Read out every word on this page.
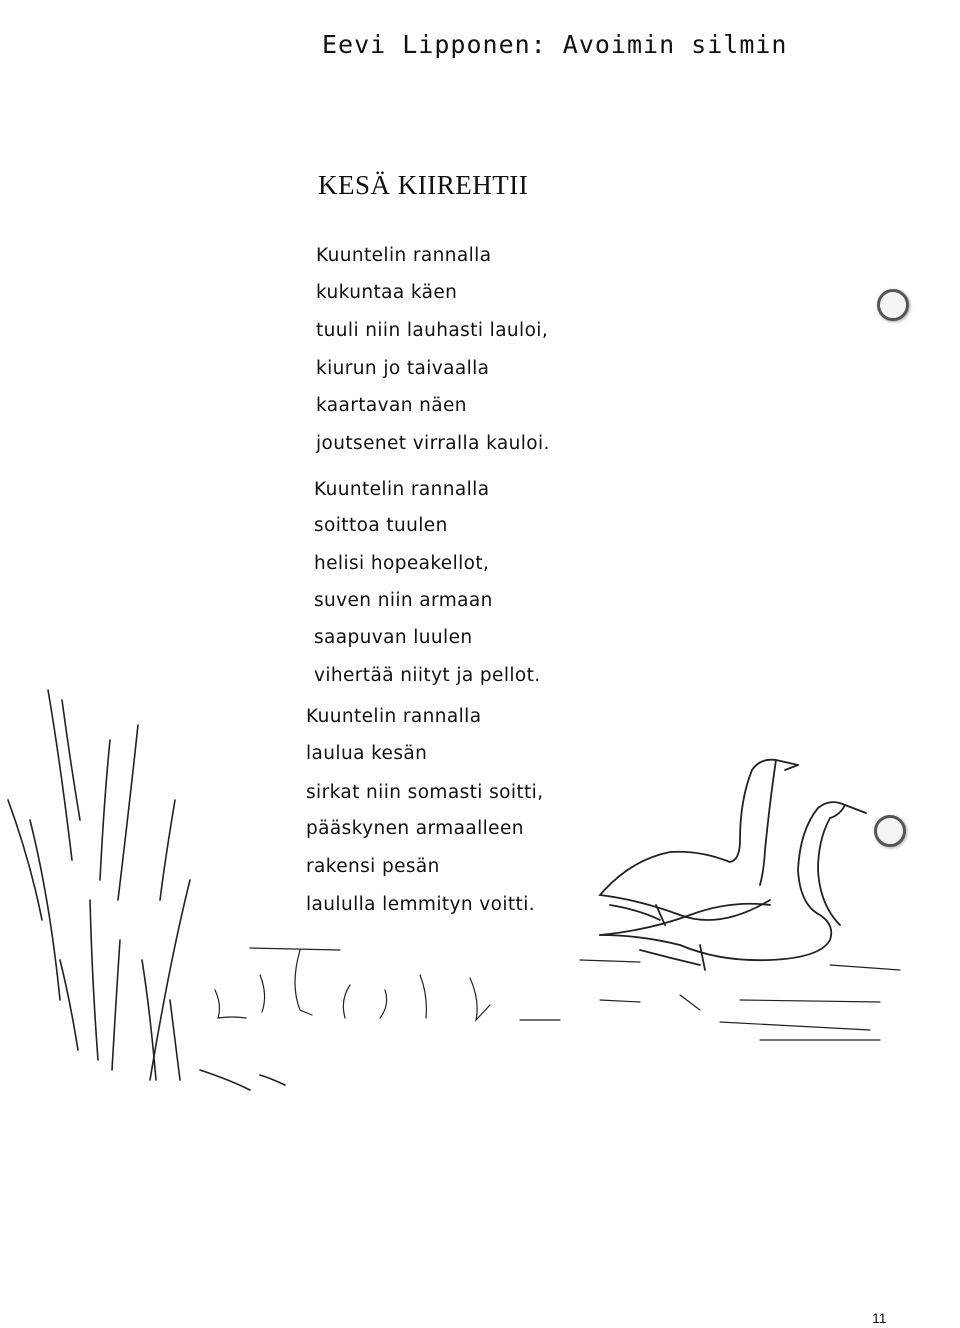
Eevi Lipponen: Avoimin silmin
KESÄ KIIREHTII
Kuuntelin rannalla
kukuntaa käen
tuuli niin lauhasti lauloi,
kiurun jo taivaalla
kaartavan näen
joutsenet virralla kauloi.
Kuuntelin rannalla
soittoa tuulen
helisi hopeakellot,
suven niin armaan
saapuvan luulen
vihertää niityt ja pellot.
Kuuntelin rannalla
laulua kesän
sirkat niin somasti soitti,
pääskynen armaalleen
rakensi pesän
laululla lemmityn voitti.
11
